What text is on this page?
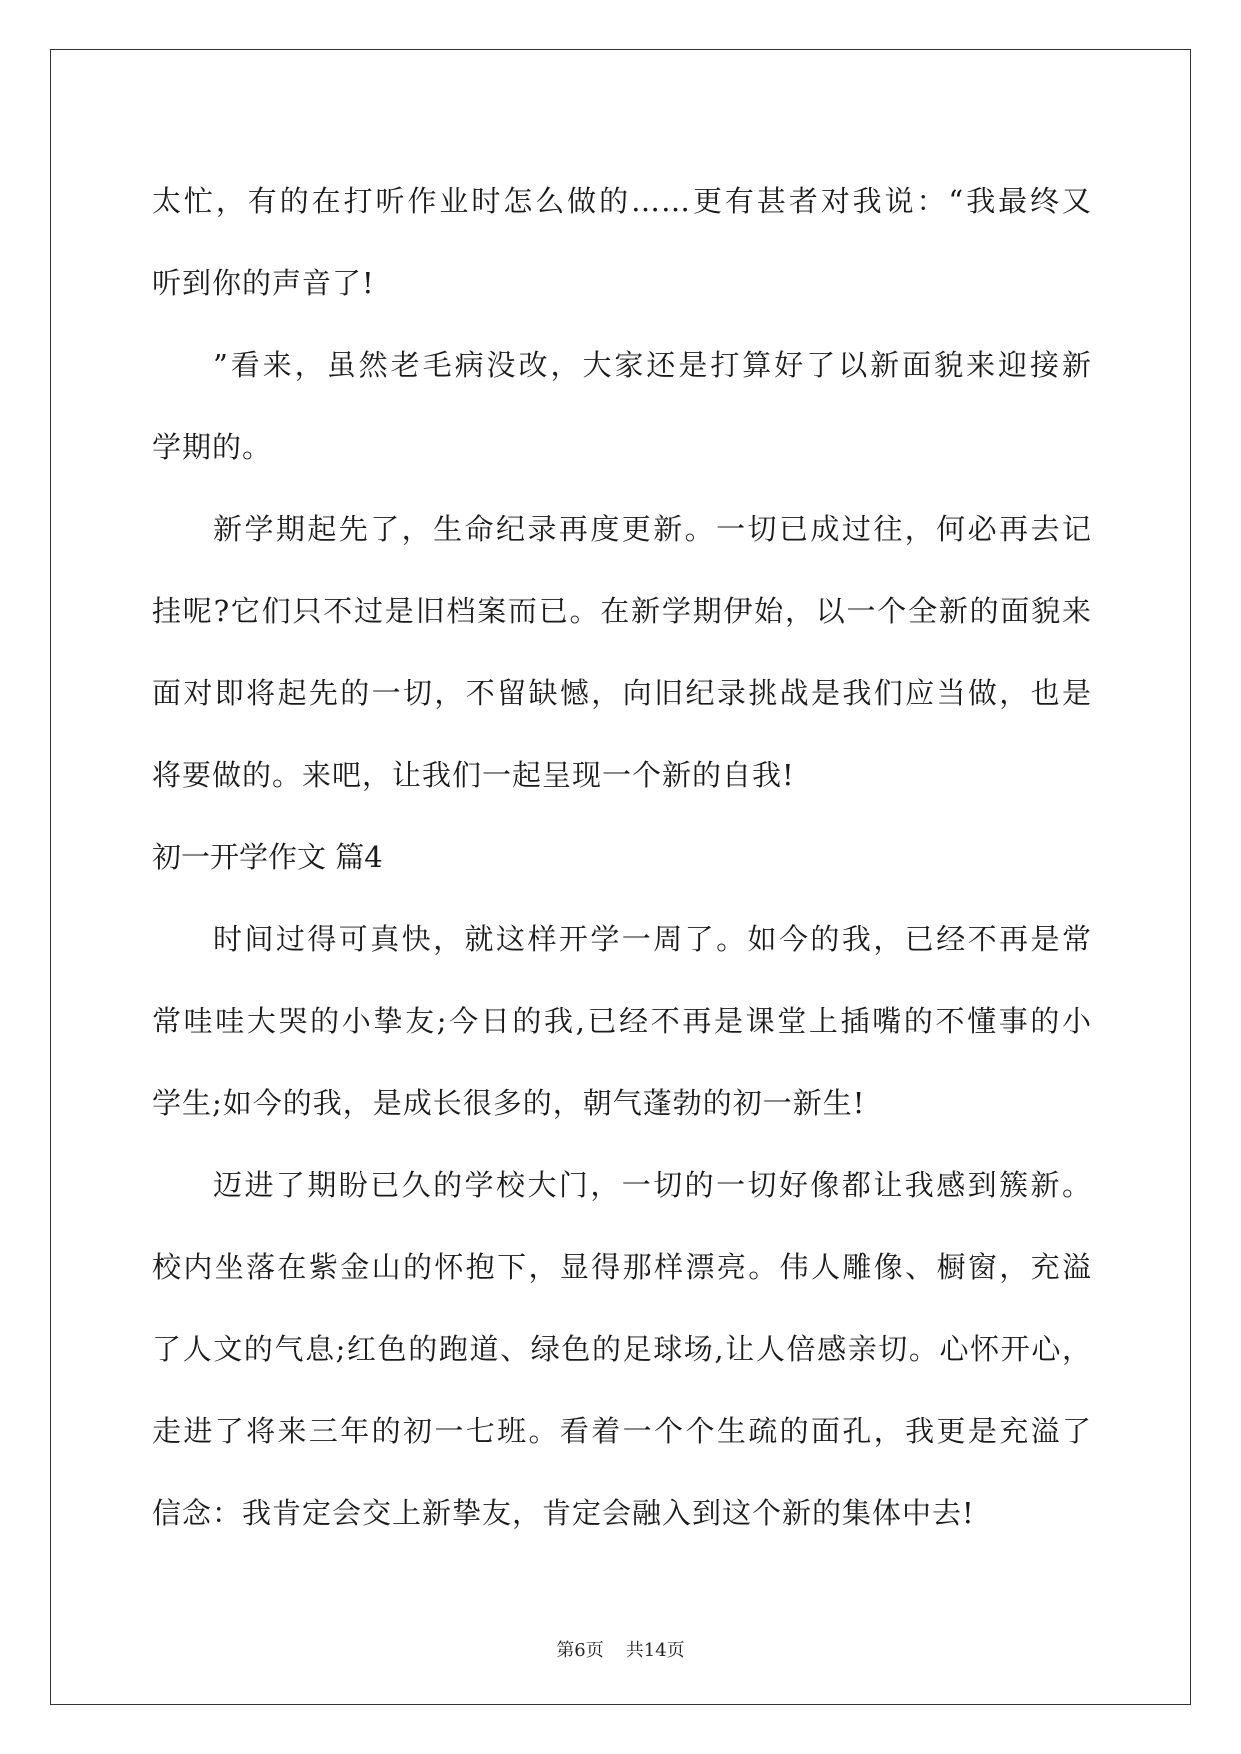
太忙，有的在打听作业时怎么做的……更有甚者对我说：“我最终又
听到你的声音了!
”看来，虽然老毛病没改，大家还是打算好了以新面貌来迎接新
学期的。
新学期起先了，生命纪录再度更新。一切已成过往，何必再去记
挂呢?它们只不过是旧档案而已。在新学期伊始，以一个全新的面貌来
面对即将起先的一切，不留缺憾，向旧纪录挑战是我们应当做，也是
将要做的。来吧，让我们一起呈现一个新的自我!
初一开学作文 篇4
时间过得可真快，就这样开学一周了。如今的我，已经不再是常
常哇哇大哭的小挚友;今日的我,已经不再是课堂上插嘴的不懂事的小
学生;如今的我，是成长很多的，朝气蓬勃的初一新生!
迈进了期盼已久的学校大门，一切的一切好像都让我感到簇新。
校内坐落在紫金山的怀抱下，显得那样漂亮。伟人雕像、橱窗，充溢
了人文的气息;红色的跑道、绿色的足球场,让人倍感亲切。心怀开心，
走进了将来三年的初一七班。看着一个个生疏的面孔，我更是充溢了
信念：我肯定会交上新挚友，肯定会融入到这个新的集体中去!
第6页 共14页
